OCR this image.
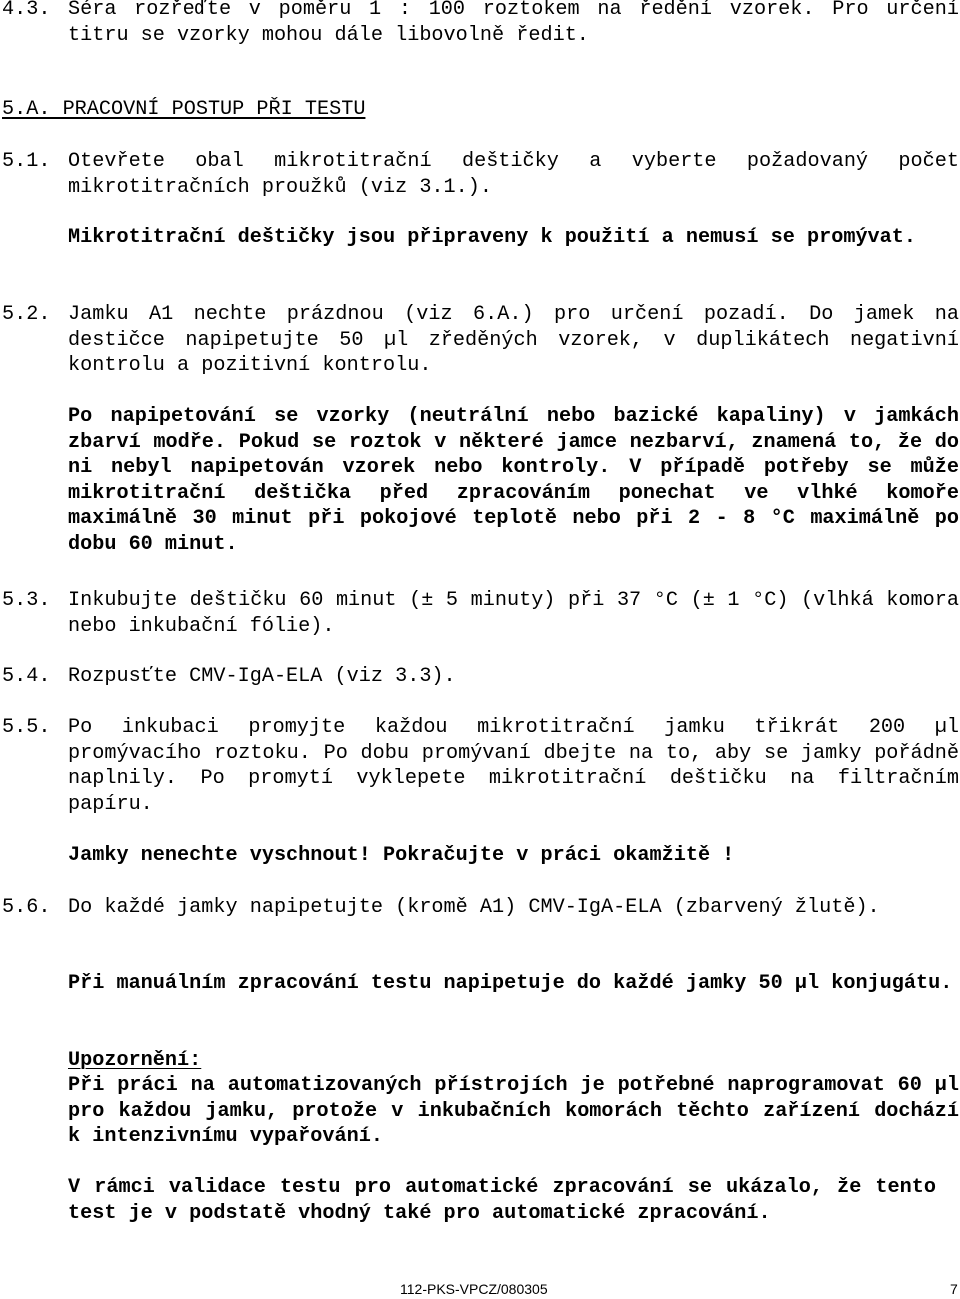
4.3. Séra rozřeďte v poměru 1 : 100 roztokem na ředění vzorek. Pro určení titru se vzorky mohou dále libovolně ředit.
5.A. PRACOVNÍ POSTUP PŘI TESTU
5.1. Otevřete obal mikrotitrační deštičky a vyberte požadovaný počet mikrotitračních proužků (viz 3.1.).
Mikrotitrační deštičky jsou připraveny k použití a nemusí se promývat.
5.2. Jamku A1 nechte prázdnou (viz 6.A.) pro určení pozadí. Do jamek na destičce napipetujte 50 µl zředěných vzorek, v duplikátech negativní kontrolu a pozitivní kontrolu.
Po napipetování se vzorky (neutrální nebo bazické kapaliny) v jamkách zbarví modře. Pokud se roztok v některé jamce nezbarví, znamená to, že do ni nebyl napipetován vzorek nebo kontroly. V případě potřeby se může mikrotitrační deštička před zpracováním ponechat ve vlhké komoře maximálně 30 minut při pokojové teplotě nebo při 2 - 8 °C maximálně po dobu 60 minut.
5.3. Inkubujte deštičku 60 minut (± 5 minuty) při 37 °C (± 1 °C) (vlhká komora nebo inkubační fólie).
5.4. Rozpusťte CMV-IgA-ELA (viz 3.3).
5.5. Po inkubaci promyjte každou mikrotitrační jamku třikrát 200 µl promývacího roztoku. Po dobu promývaní dbejte na to, aby se jamky pořádně naplnily. Po promytí vyklepete mikrotitrační deštičku na filtračním papíru.
Jamky nenechte vyschnout! Pokračujte v práci okamžitě !
5.6. Do každé jamky napipetujte (kromě A1) CMV-IgA-ELA (zbarvený žlutě).
Při manuálním zpracování testu napipetuje do každé jamky 50 µl konjugátu.
Upozornění:
Při práci na automatizovaných přístrojích je potřebné naprogramovat 60 µl pro každou jamku, protože v inkubačních komorách těchto zařízení dochází k intenzivnímu vypařování.
V rámci validace testu pro automatické zpracování se ukázalo, že tento test je v podstatě vhodný také pro automatické zpracování.
112-PKS-VPCZ/080305	7
